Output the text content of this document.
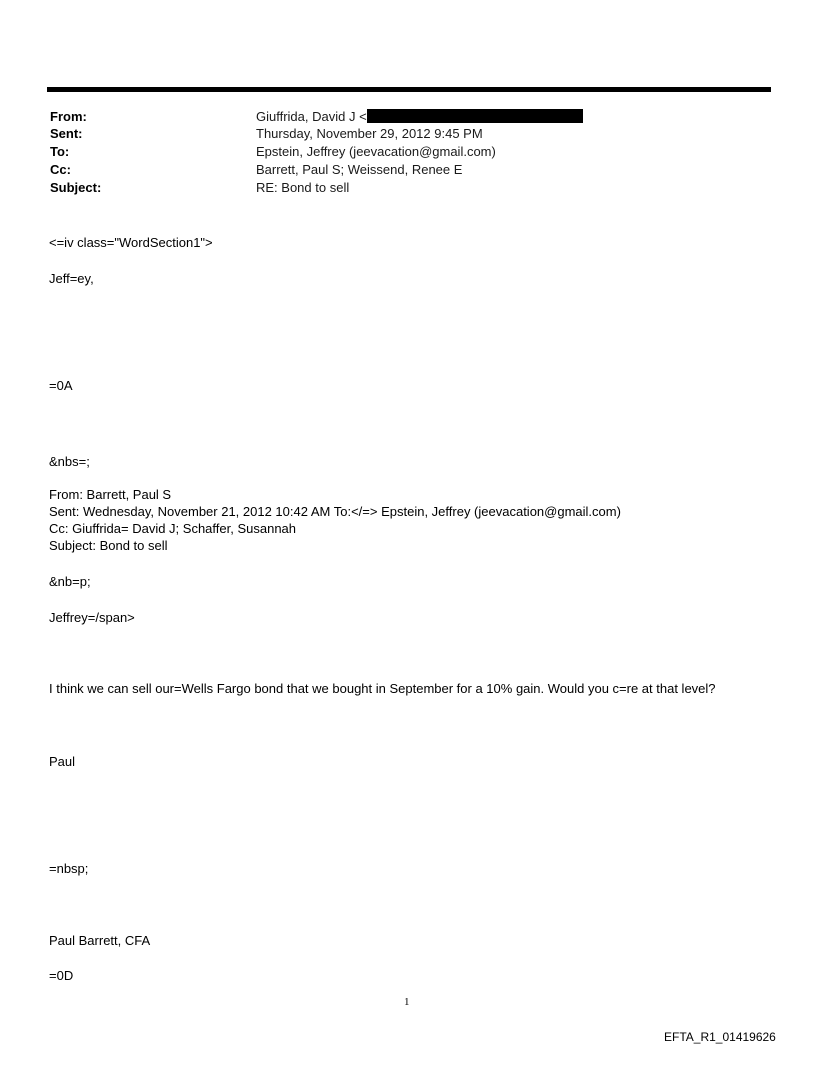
From:	Giuffrida, David J <
Sent:	Thursday, November 29, 2012 9:45 PM
To:	Epstein, Jeffrey (jeevacation@gmail.com)
Cc:	Barrett, Paul S; Weissend, Renee E
Subject:	RE: Bond to sell
<=iv class="WordSection1">
Jeff=ey,
=0A
&nbs=;
From: Barrett, Paul S
Sent: Wednesday, November 21, 2012 10:42 AM To:</=> Epstein, Jeffrey (jeevacation@gmail.com)
Cc: Giuffrida= David J; Schaffer, Susannah
Subject: Bond to sell
&nb=p;
Jeffrey=/span>
I think we can sell our=Wells Fargo bond that we bought in September for a 10% gain. Would you c=re at that level?
Paul
=nbsp;
Paul Barrett, CFA
=0D
1
EFTA_R1_01419626
